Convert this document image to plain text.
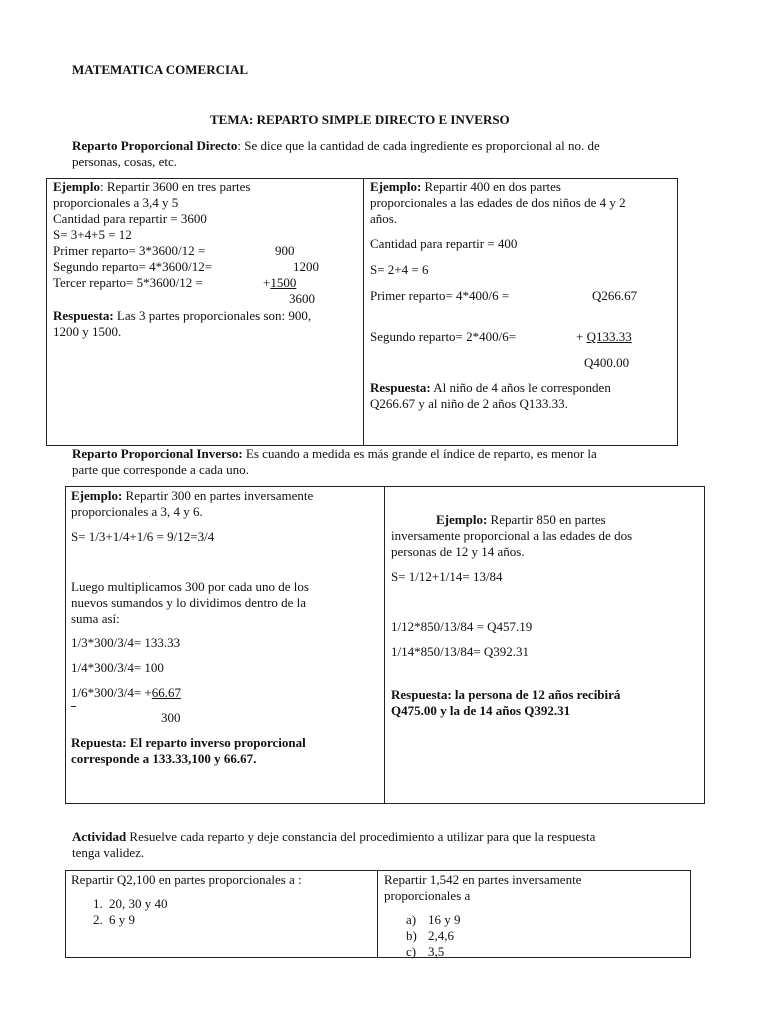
MATEMATICA COMERCIAL
TEMA: REPARTO SIMPLE DIRECTO E INVERSO
Reparto Proporcional Directo: Se dice que la cantidad de cada ingrediente es proporcional al no. de
personas, cosas, etc.
Ejemplo: Repartir 3600 en tres partes
proporcionales a 3,4 y 5
Cantidad para repartir = 3600
S= 3+4+5 = 12
Primer reparto= 3*3600/12 =	900
Segundo reparto= 4*3600/12=	1200
Tercer reparto= 5*3600/12 =	+1500
3600
Respuesta: Las 3 partes proporcionales son: 900,
1200 y 1500.
Ejemplo: Repartir 400 en dos partes
proporcionales a las edades de dos niños de 4 y 2
años.
Cantidad para repartir = 400
S= 2+4 = 6
Primer reparto= 4*400/6 =	Q266.67
Segundo reparto= 2*400/6=	+ Q133.33
Q400.00
Respuesta: Al niño de 4 años le corresponden
Q266.67 y al niño de 2 años Q133.33.
Reparto Proporcional Inverso: Es cuando a medida es más grande el índice de reparto, es menor la
parte que corresponde a cada uno.
Ejemplo: Repartir 300 en partes inversamente
proporcionales a 3, 4 y 6.
S= 1/3+1/4+1/6 = 9/12=3/4
Luego multiplicamos 300 por cada uno de los
nuevos sumandos y lo dividimos dentro de la
suma así:
1/3*300/3/4= 133.33
1/4*300/3/4= 100
1/6*300/3/4= +66.67
300
Repuesta: El reparto inverso proporcional
corresponde a 133.33,100 y 66.67.
Ejemplo: Repartir 850 en partes
inversamente proporcional a las edades de dos
personas de 12 y 14 años.
S= 1/12+1/14= 13/84
1/12*850/13/84 = Q457.19
1/14*850/13/84= Q392.31
Respuesta: la persona de 12 años recibirá
Q475.00 y la de 14 años Q392.31
Actividad Resuelve cada reparto y deje constancia del procedimiento a utilizar para que la respuesta
tenga validez.
Repartir Q2,100 en partes proporcionales a :
1. 20, 30 y 40
2. 6 y 9
Repartir 1,542 en partes inversamente
proporcionales a
a) 16 y 9
b) 2,4,6
c) 3,5
